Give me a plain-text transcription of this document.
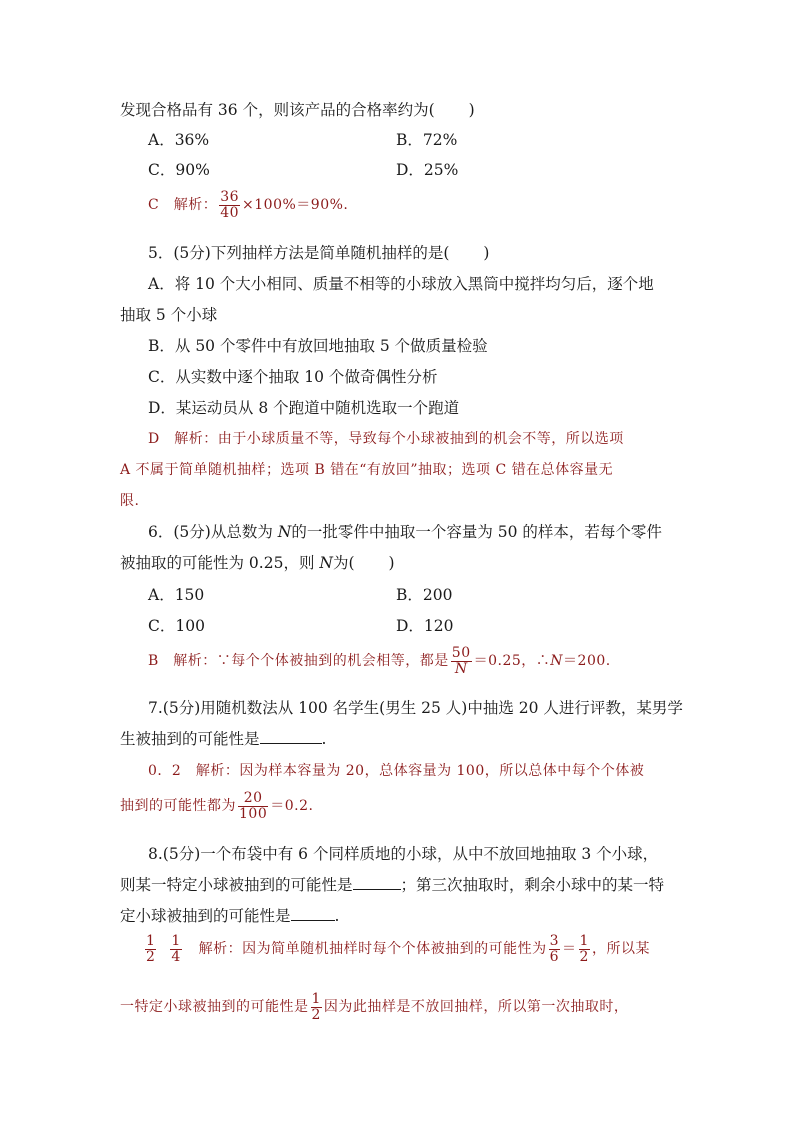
发现合格品有 36 个，则该产品的合格率约为( )
A．36%	B．72%
C．90%	D．25%
C　 解析： $\frac{36}{40} \times 100\%=90\%$.
5．(5分)下列抽样方法是简单随机抽样的是( )
A．将 10 个大小相同、质量不相等的小球放入黑筒中搅拌均匀后，逐个地
抽取 5 个小球
B．从 50 个零件中有放回地抽取 5 个做质量检验
C．从实数中逐个抽取 10 个做奇偶性分析
D．某运动员从 8 个跑道中随机选取一个跑道
D　解析：由于小球质量不等，导致每个小球被抽到的机会不等，所以选项
A 不属于简单随机抽样；选项 B 错在“有放回”抽取；选项 C 错在总体容量无
限.
6．(5分)从总数为 N的一批零件中抽取一个容量为 50 的样本，若每个零件
被抽取的可能性为 0.25，则 N为( )
A．150	B．200
C．100	D．120
B　解析：∵每个个体被抽到的机会相等，都是 $\frac{50}{N} =0.25$，∴N＝200.
7.(5分)用随机数法从 100 名学生(男生 25 人)中抽选 20 人进行评教，某男学
生被抽到的可能性是	.
0．2　解析：因为样本容量为 20，总体容量为 100，所以总体中每个个体被
抽到的可能性都为 $\frac{20}{100} =0.2$.
8.(5分)一个布袋中有 6 个同样质地的小球，从中不放回地抽取 3 个小球，
则某一特定小球被抽到的可能性是	；第三次抽取时，剩余小球中的某一特
定小球被抽到的可能性是	.
$\frac{1}{2}$
$\frac{1}{4}$ 解析：因为简单随机抽样时每个个体被抽到的可能性为 $\frac{3}{6} = \frac{1}{2}$ ，所以某
一特定小球被抽到的可能性是 $\frac{1}{2}$ 因为此抽样是不放回抽样，所以第一次抽取时，
